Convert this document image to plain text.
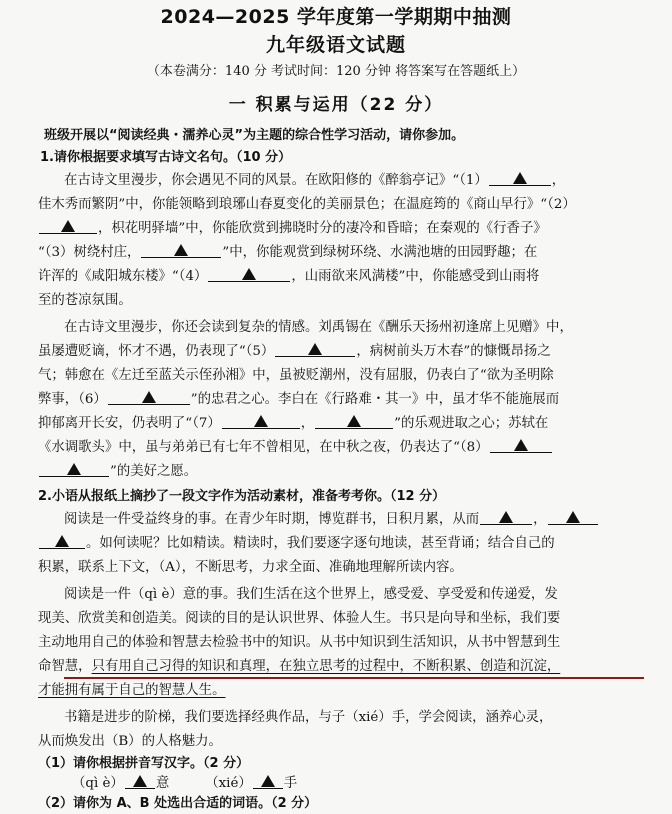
2024—2025 学年度第一学期期中抽测
九年级语文试题
（本卷满分：140 分 考试时间：120 分钟 将答案写在答题纸上）
一 积累与运用（22 分）
班级开展以“阅读经典・濡养心灵”为主题的综合性学习活动，请你参加。
1.请你根据要求填写古诗文名句。（10 分）
在古诗文里漫步，你会遇见不同的风景。在欧阳修的《醉翁亭记》“（1）	，
佳木秀而繁阴”中，你能领略到琅琊山春夏变化的美丽景色；在温庭筠的《商山早行》“（2）
，枳花明驿墙”中，你能欣赏到拂晓时分的凄冷和昏暗；在秦观的《行香子》
“（3）树绕村庄，	”中，你能观赏到绿树环绕、水满池塘的田园野趣；在
许浑的《咸阳城东楼》“（4）	，山雨欲来风满楼”中，你能感受到山雨将
至的苍凉氛围。
在古诗文里漫步，你还会读到复杂的情感。刘禹锡在《酬乐天扬州初逢席上见赠》中，
虽屡遭贬谪，怀才不遇，仍表现了“（5）	，病树前头万木春”的慷慨昂扬之
气；韩愈在《左迁至蓝关示侄孙湘》中，虽被贬潮州，没有屈服，仍表白了“欲为圣明除
弊事，（6）	”的忠君之心。李白在《行路难・其一》中，虽才华不能施展而
抑郁离开长安，仍表明了“（7）	，	”的乐观进取之心；苏轼在
《水调歌头》中，虽与弟弟已有七年不曾相见，在中秋之夜，仍表达了“（8）
”的美好之愿。
2.小语从报纸上摘抄了一段文字作为活动素材，准备考考你。（12 分）
阅读是一件受益终身的事。在青少年时期，博览群书，日积月累，从而	，
。如何读呢？比如精读。精读时，我们要逐字逐句地读，甚至背诵；结合自己的
积累，联系上下文，（A），不断思考，力求全面、准确地理解所读内容。
阅读是一件（qì è）意的事。我们生活在这个世界上，感受爱、享受爱和传递爱，发
现美、欣赏美和创造美。阅读的目的是认识世界、体验人生。书只是向导和坐标，我们要
主动地用自己的体验和智慧去检验书中的知识。从书中知识到生活知识，从书中智慧到生
命智慧，只有用自己习得的知识和真理，在独立思考的过程中，不断积累、创造和沉淀，
才能拥有属于自己的智慧人生。
书籍是进步的阶梯，我们要选择经典作品，与子（xié）手，学会阅读，涵养心灵，
从而焕发出（B）的人格魅力。
（1）请你根据拼音写汉字。（2 分）
（qì è） 意	（xié） 手
（2）请你为 A、B 处选出合适的词语。（2 分）
